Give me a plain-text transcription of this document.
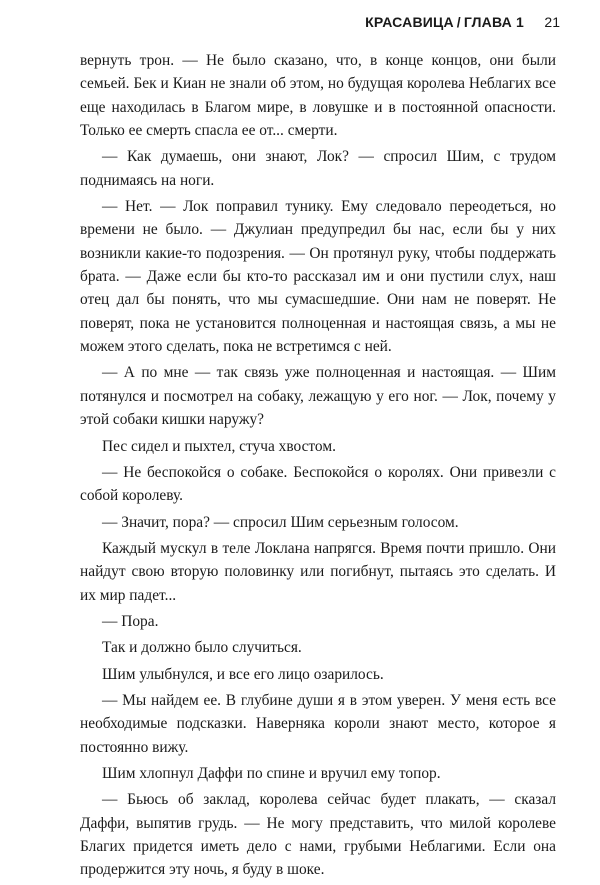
КРАСАВИЦА / ГЛАВА 1 21

вернуть трон. — Не было сказано, что, в конце концов, они были семьей. Бек и Киан не знали об этом, но будущая королева Неблагих все еще находилась в Благом мире, в ловушке и в постоянной опасности. Только ее смерть спасла ее от... смерти.

— Как думаешь, они знают, Лок? — спросил Шим, с трудом поднимаясь на ноги.

— Нет. — Лок поправил тунику. Ему следовало переодеться, но времени не было. — Джулиан предупредил бы нас, если бы у них возникли какие-то подозрения. — Он протянул руку, чтобы поддержать брата. — Даже если бы кто-то рассказал им и они пустили слух, наш отец дал бы понять, что мы сумасшедшие. Они нам не поверят. Не поверят, пока не установится полноценная и настоящая связь, а мы не можем этого сделать, пока не встретимся с ней.

— А по мне — так связь уже полноценная и настоящая. — Шим потянулся и посмотрел на собаку, лежащую у его ног. — Лок, почему у этой собаки кишки наружу?

Пес сидел и пыхтел, стуча хвостом.

— Не беспокойся о собаке. Беспокойся о королях. Они привезли с собой королеву.

— Значит, пора? — спросил Шим серьезным голосом.

Каждый мускул в теле Локлана напрягся. Время почти пришло. Они найдут свою вторую половинку или погибнут, пытаясь это сделать. И их мир падет...

— Пора.

Так и должно было случиться.

Шим улыбнулся, и все его лицо озарилось.

— Мы найдем ее. В глубине души я в этом уверен. У меня есть все необходимые подсказки. Наверняка короли знают место, которое я постоянно вижу.

Шим хлопнул Даффи по спине и вручил ему топор.

— Бьюсь об заклад, королева сейчас будет плакать, — сказал Даффи, выпятив грудь. — Не могу представить, что милой королеве Благих придется иметь дело с нами, грубыми Неблагими. Если она продержится эту ночь, я буду в шоке.
